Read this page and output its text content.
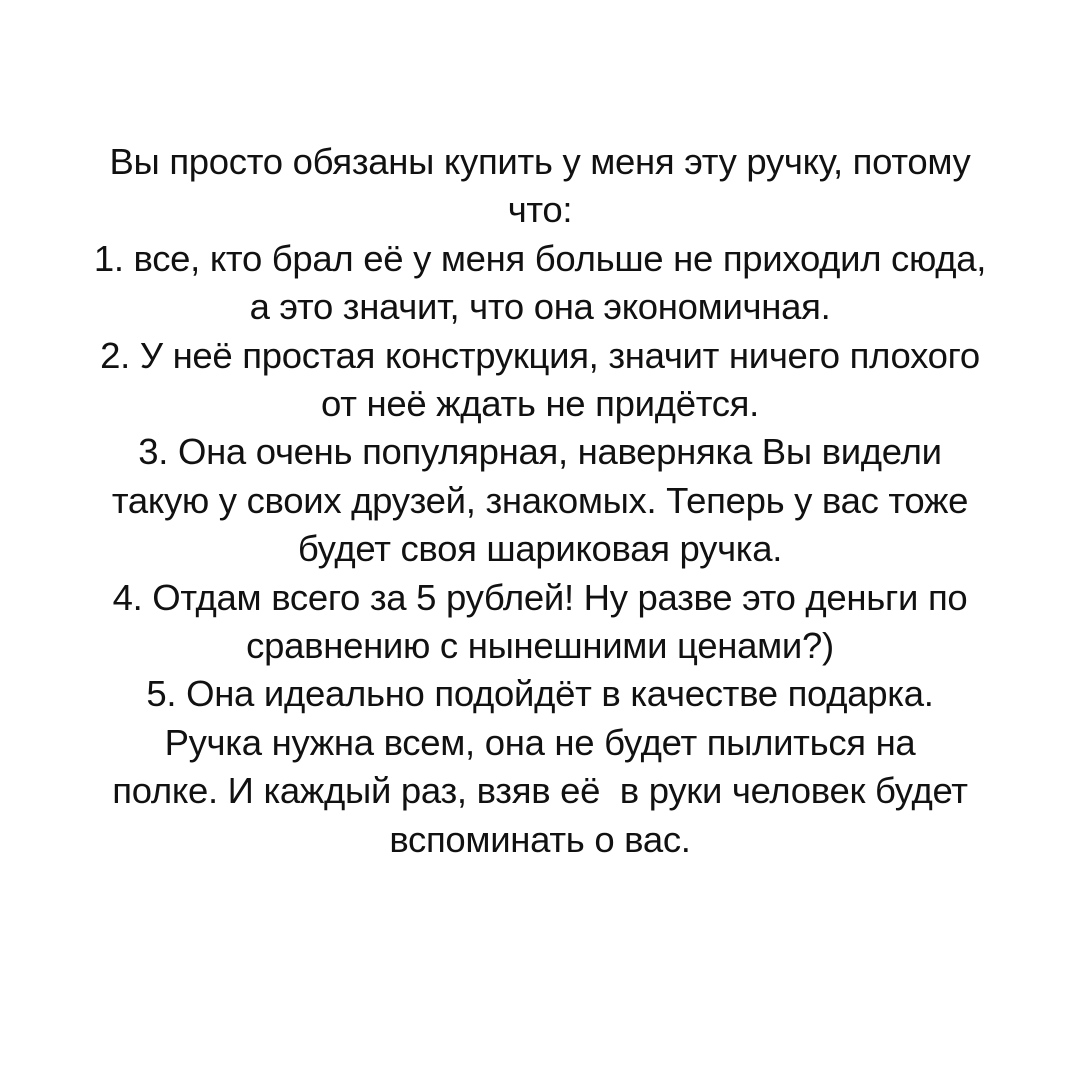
Вы просто обязаны купить у меня эту ручку, потому
что:
1. все, кто брал её у меня больше не приходил сюда,
а это значит, что она экономичная.
2. У неё простая конструкция, значит ничего плохого
от неё ждать не придётся.
3. Она очень популярная, наверняка Вы видели
такую у своих друзей, знакомых. Теперь у вас тоже
будет своя шариковая ручка.
4. Отдам всего за 5 рублей! Ну разве это деньги по
сравнению с нынешними ценами?)
5. Она идеально подойдёт в качестве подарка.
Ручка нужна всем, она не будет пылиться на
полке. И каждый раз, взяв её  в руки человек будет
вспоминать о вас.
